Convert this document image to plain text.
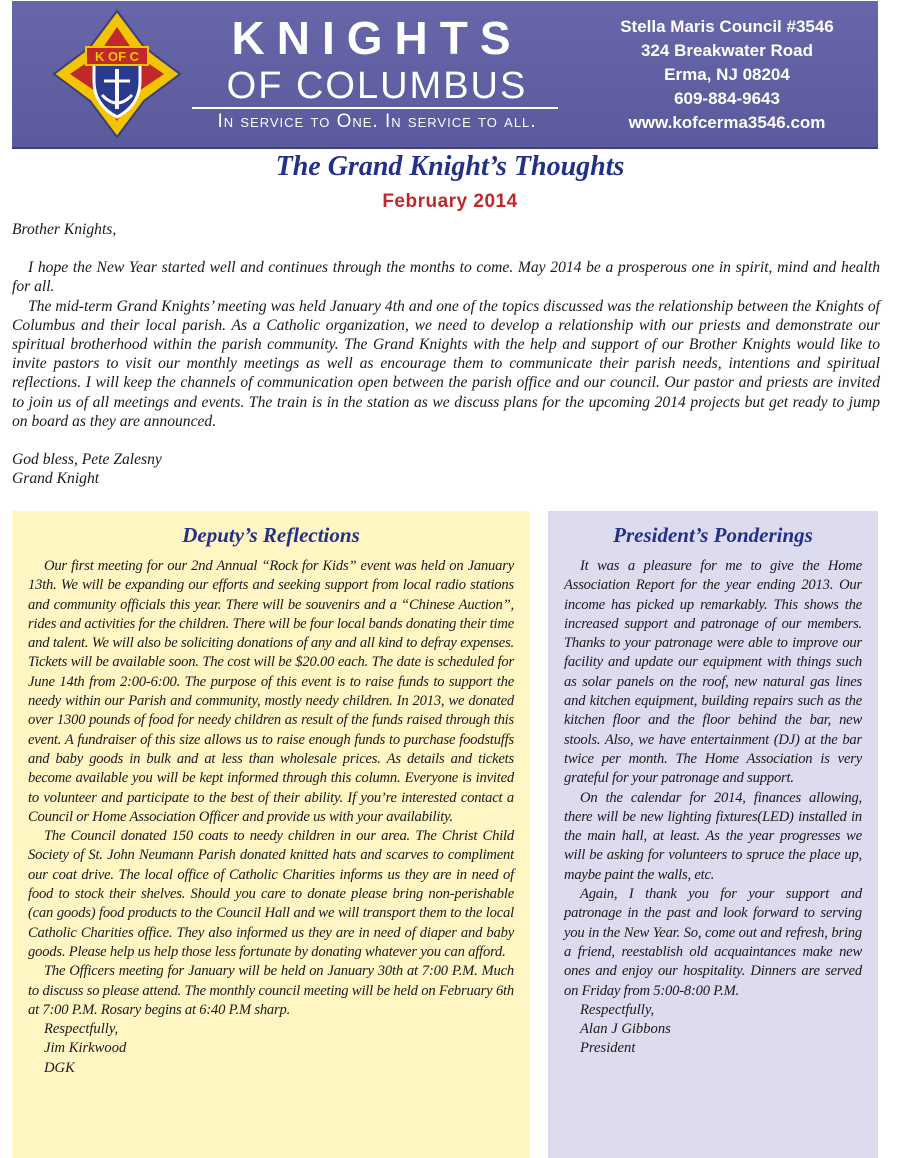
K OF C	KNIGHTS
OF COLUMBUS
In service to One. In service to all.
Stella Maris Council #3546
324 Breakwater Road
Erma, NJ 08204
609-884-9643
www.kofcerma3546.com
The Grand Knight’s Thoughts
February 2014
Brother Knights,

I hope the New Year started well and continues through the months to come. May 2014 be a prosperous one in spirit, mind and health for all.

The mid-term Grand Knights’ meeting was held January 4th and one of the topics discussed was the relationship between the Knights of Columbus and their local parish. As a Catholic organization, we need to develop a relationship with our priests and demonstrate our spiritual brotherhood within the parish community. The Grand Knights with the help and support of our Brother Knights would like to invite pastors to visit our monthly meetings as well as encourage them to communicate their parish needs, intentions and spiritual reflections. I will keep the channels of communication open between the parish office and our council. Our pastor and priests are invited to join us of all meetings and events. The train is in the station as we discuss plans for the upcoming 2014 projects but get ready to jump on board as they are announced.

God bless, Pete Zalesny
Grand Knight
Deputy’s Reflections

Our first meeting for our 2nd Annual “Rock for Kids” event was held on January 13th. We will be expanding our efforts and seeking support from local radio stations and community officials this year. There will be souvenirs and a “Chinese Auction”, rides and activities for the children. There will be four local bands donating their time and talent. We will also be soliciting donations of any and all kind to defray expenses. Tickets will be available soon. The cost will be $20.00 each. The date is scheduled for June 14th from 2:00-6:00. The purpose of this event is to raise funds to support the needy within our Parish and community, mostly needy children. In 2013, we donated over 1300 pounds of food for needy children as result of the funds raised through this event. A fundraiser of this size allows us to raise enough funds to purchase foodstuffs and baby goods in bulk and at less than wholesale prices. As details and tickets become available you will be kept informed through this column. Everyone is invited to volunteer and participate to the best of their ability. If you’re interested contact a Council or Home Association Officer and provide us with your availability.

The Council donated 150 coats to needy children in our area. The Christ Child Society of St. John Neumann Parish donated knitted hats and scarves to compliment our coat drive. The local office of Catholic Charities informs us they are in need of food to stock their shelves. Should you care to donate please bring non-perishable (can goods) food products to the Council Hall and we will transport them to the local Catholic Charities office. They also informed us they are in need of diaper and baby goods. Please help us help those less fortunate by donating whatever you can afford.

The Officers meeting for January will be held on January 30th at 7:00 P.M. Much to discuss so please attend. The monthly council meeting will be held on February 6th at 7:00 P.M. Rosary begins at 6:40 P.M sharp.

Respectfully,
Jim Kirkwood
DGK
President’s Ponderings

It was a pleasure for me to give the Home Association Report for the year ending 2013. Our income has picked up remarkably. This shows the increased support and patronage of our members. Thanks to your patronage were able to improve our facility and update our equipment with things such as solar panels on the roof, new natural gas lines and kitchen equipment, building repairs such as the kitchen floor and the floor behind the bar, new stools. Also, we have entertainment (DJ) at the bar twice per month. The Home Association is very grateful for your patronage and support.

On the calendar for 2014, finances allowing, there will be new lighting fixtures(LED) installed in the main hall, at least. As the year progresses we will be asking for volunteers to spruce the place up, maybe paint the walls, etc.

Again, I thank you for your support and patronage in the past and look forward to serving you in the New Year. So, come out and refresh, bring a friend, reestablish old acquaintances make new ones and enjoy our hospitality. Dinners are served on Friday from 5:00-8:00 P.M.

Respectfully,
Alan J Gibbons
President
